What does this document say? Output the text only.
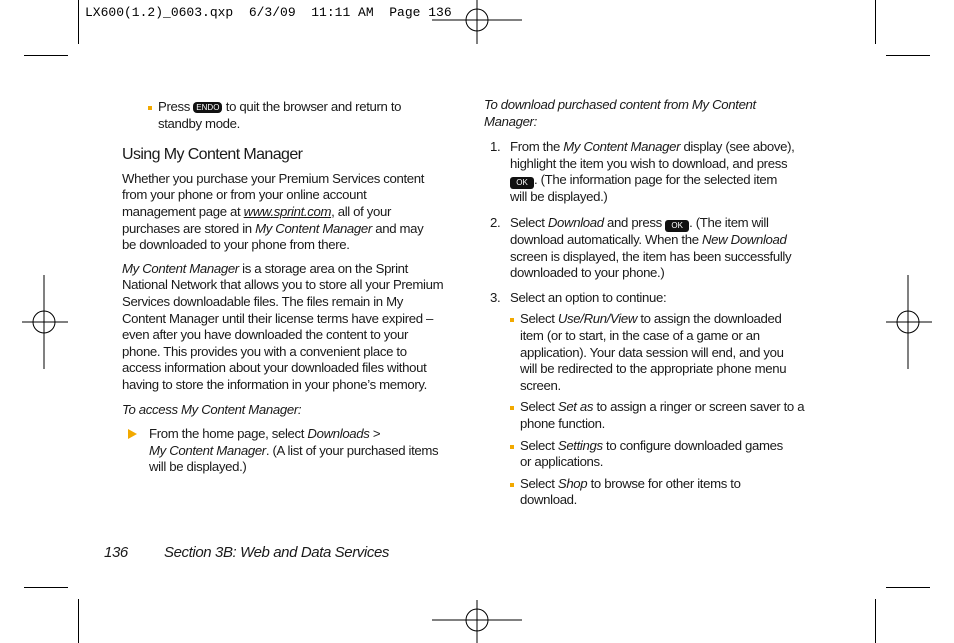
LX600(1.2)_0603.qxp  6/3/09  11:11 AM  Page 136

Press ENDO to quit the browser and return to

standby mode.

Using My Content Manager

Whether you purchase your Premium Services content

from your phone or from your online account

management page at www.sprint.com, all of your

purchases are stored in My Content Manager and may

be downloaded to your phone from there.

My Content Manager is a storage area on the Sprint

National Network that allows you to store all your Premium

Services downloadable files. The files remain in My

Content Manager until their license terms have expired –

even after you have downloaded the content to your

phone. This provides you with a convenient place to

access information about your downloaded files without

having to store the information in your phone’s memory.

To access My Content Manager:

From the home page, select Downloads >

My Content Manager. (A list of your purchased items

will be displayed.)

To download purchased content from My Content

Manager:

1. From the My Content Manager display (see above),

highlight the item you wish to download, and press

OK . (The information page for the selected item

will be displayed.)

2. Select Download and press OK . (The item will

download automatically. When the New Download

screen is displayed, the item has been successfully

downloaded to your phone.)

3. Select an option to continue:

Select Use/Run/View to assign the downloaded

item (or to start, in the case of a game or an

application). Your data session will end, and you

will be redirected to the appropriate phone menu

screen.

Select Set as to assign a ringer or screen saver to a

phone function.

Select Settings to configure downloaded games

or applications.

Select Shop to browse for other items to

download.

136 Section 3B: Web and Data Services
